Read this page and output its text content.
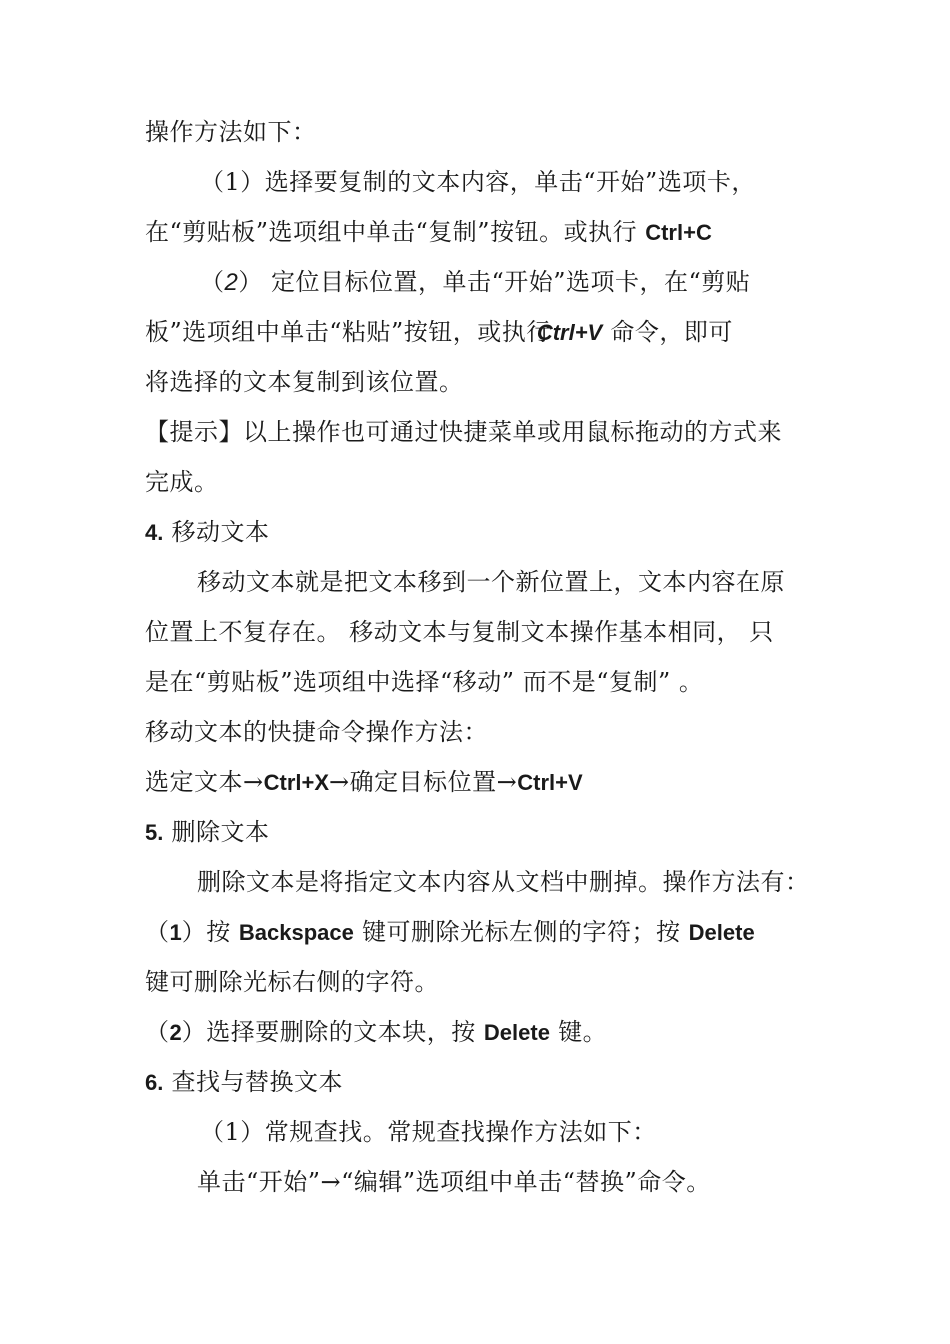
操作方法如下：
（1）选择要复制的文本内容，单击“开始”选项卡，
在“剪贴板”选项组中单击“复制”按钮。或执行 Ctrl+C
（2） 定位目标位置，单击“开始”选项卡，在“剪贴
板”选项组中单击“粘贴”按钮，或执行Ctrl+V 命令，即可
将选择的文本复制到该位置。
【提示】以上操作也可通过快捷菜单或用鼠标拖动的方式来
完成。
4. 移动文本
移动文本就是把文本移到一个新位置上，文本内容在原
位置上不复存在。 移动文本与复制文本操作基本相同， 只
是在“剪贴板”选项组中选择“移动” 而不是“复制” 。
移动文本的快捷命令操作方法：
选定文本→Ctrl+X→确定目标位置→Ctrl+V
5. 删除文本
删除文本是将指定文本内容从文档中删掉。操作方法有：
（1）按 Backspace 键可删除光标左侧的字符；按 Delete
键可删除光标右侧的字符。
（2）选择要删除的文本块，按 Delete 键。
6. 查找与替换文本
（1）常规查找。常规查找操作方法如下：
单击“开始”→“编辑”选项组中单击“替换”命令。
